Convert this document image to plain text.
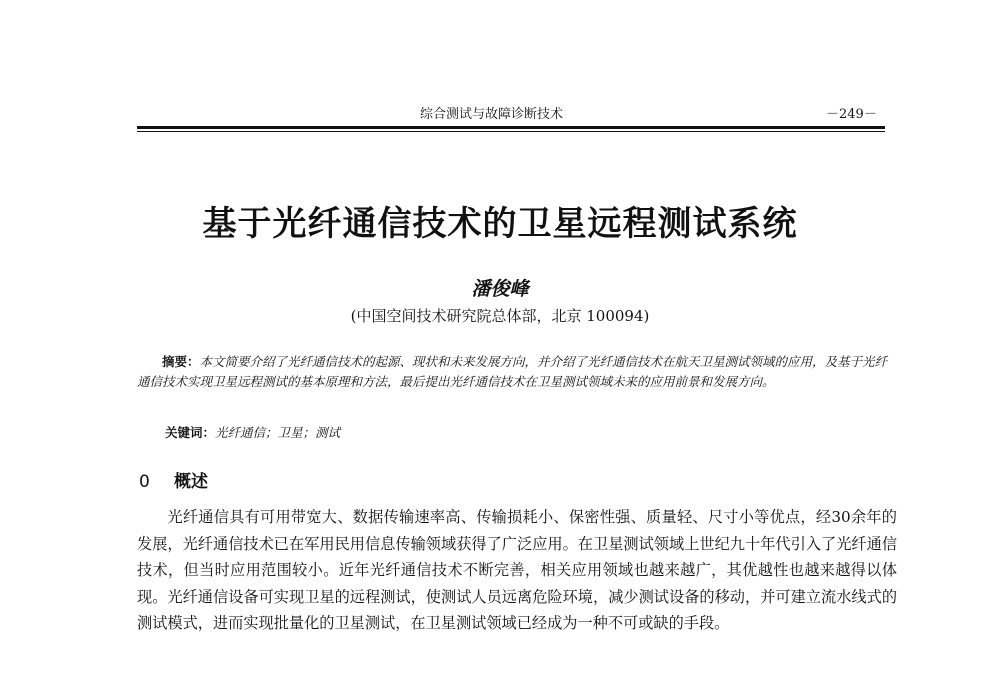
综合测试与故障诊断技术	－249－
基于光纤通信技术的卫星远程测试系统
潘俊峰
(中国空间技术研究院总体部，北京 100094)
摘要：本文简要介绍了光纤通信技术的起源、现状和未来发展方向，并介绍了光纤通信技术在航天卫星测试领域的应用，及基于光纤通信技术实现卫星远程测试的基本原理和方法，最后提出光纤通信技术在卫星测试领域未来的应用前景和发展方向。
关键词：光纤通信；卫星；测试
0 概述
光纤通信具有可用带宽大、数据传输速率高、传输损耗小、保密性强、质量轻、尺寸小等优点，经30余年的发展，光纤通信技术已在军用民用信息传输领域获得了广泛应用。在卫星测试领域上世纪九十年代引入了光纤通信技术，但当时应用范围较小。近年光纤通信技术不断完善，相关应用领域也越来越广，其优越性也越来越得以体现。光纤通信设备可实现卫星的远程测试，使测试人员远离危险环境，减少测试设备的移动，并可建立流水线式的测试模式，进而实现批量化的卫星测试，在卫星测试领域已经成为一种不可或缺的手段。
